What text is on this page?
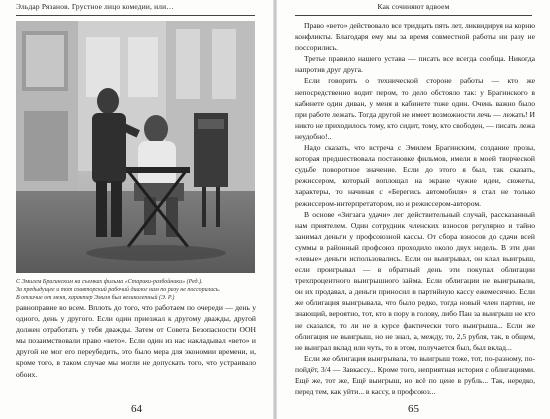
Эльдар Рязанов. Грустное лицо комедии, или…

С Эмилем Брагинским на съемках фильма «Старики-разбойники» (Ред.).

За предыдущее и тот соавторский рабочий диалог нам по разу не поссорились.

В отличие от меня, характер Эмиля был великолепный (Э. Р.)

равноправие во всем. Вплоть до того, что работаем по очереди — день у одного, день у другого. Если один приезжал к другому дважды, другой должен отработать у тебя дважды. Затем от Совета Безопасности ООН мы позаимствовали право «вето». Если один из нас накладывал «вето» и другой не мог его переубедить, это было мера для экономии времени, и, кроме того, в таком случае мы могли не допускать того, что устраивало обоих.

64
Как сочиняют вдвоем

Право «вето» действовало все тридцать пять лет, ликвидируя на корню конфликты. Благодаря ему мы за время совместной работы ни разу не поссорились.

Третье правило нашего устава — писать все всегда сообща. Никогда напротив друг друга.

Если говорить о технической стороне работы — кто же непосредственно водит пером, то дело обстояло так: у Брагинского в кабинете один диван, у меня в кабинете тоже один. Очень важно было при работе лежать. Тогда другой не имеет возможности лечь — лежать! И никто не приходилось тому, кто сидит, тому, кто свободен, — писать лежа неудобно!..

Надо сказать, что встреча с Эмилем Брагинским, создание прозы, которая предшествовала постановке фильмов, имели в моей творческой судьбе поворотное значение. Если до этого я был, так сказать, режиссером, который воплощал на экране чужие идеи, сюжеты, характеры, то начиная с «Берегись автомобиля» я стал не только режиссером-интерпретатором, но и режиссером-автором.

В основе «Зигзага удачи» лег действительный случай, рассказанный нам приятелем. Один сотрудник членских взносов регулярно и тайно занимал деньги у профсоюзной кассы. От сбора взносов до сдачи всей суммы в районный профсоюз проходило около двух недель. В эти дни «левые» деньги использовались. Если он выигрывал, он клал выигрыш, если проигрывал — в обратный день эти покупал облигации трехпроцентного выигрышного займа. Если облигации не выигрывали, он их продавал, а деньги приносил в партийную кассу ежемесячно. Если же облигация выигрывала, что было редко, тогда новый член партии, не знающий, вероятно, тот, кто в пору в голову, либо Пан за выигрыш не кто не сказался, то ли не в курсе фактически того выигрыша... Если же облигация не выигрыш, но не знал, а, между, то, 2,5 рубля, так, в общем, не выиграл вклад или чуть, то в этом, получается был, был вклад...

Если же облигация выигрывала, то выигрыш тоже, тот, по-разному, по-пойдёт, 3/4 — Завкассу... Кроме того, неприятная история с облигациями. Ещё же, тот же, Ещё выигрыш, но всё по цене в рубль... Так, нередко, перед тем, как уйти... в кассу, в профсоюз...

65
